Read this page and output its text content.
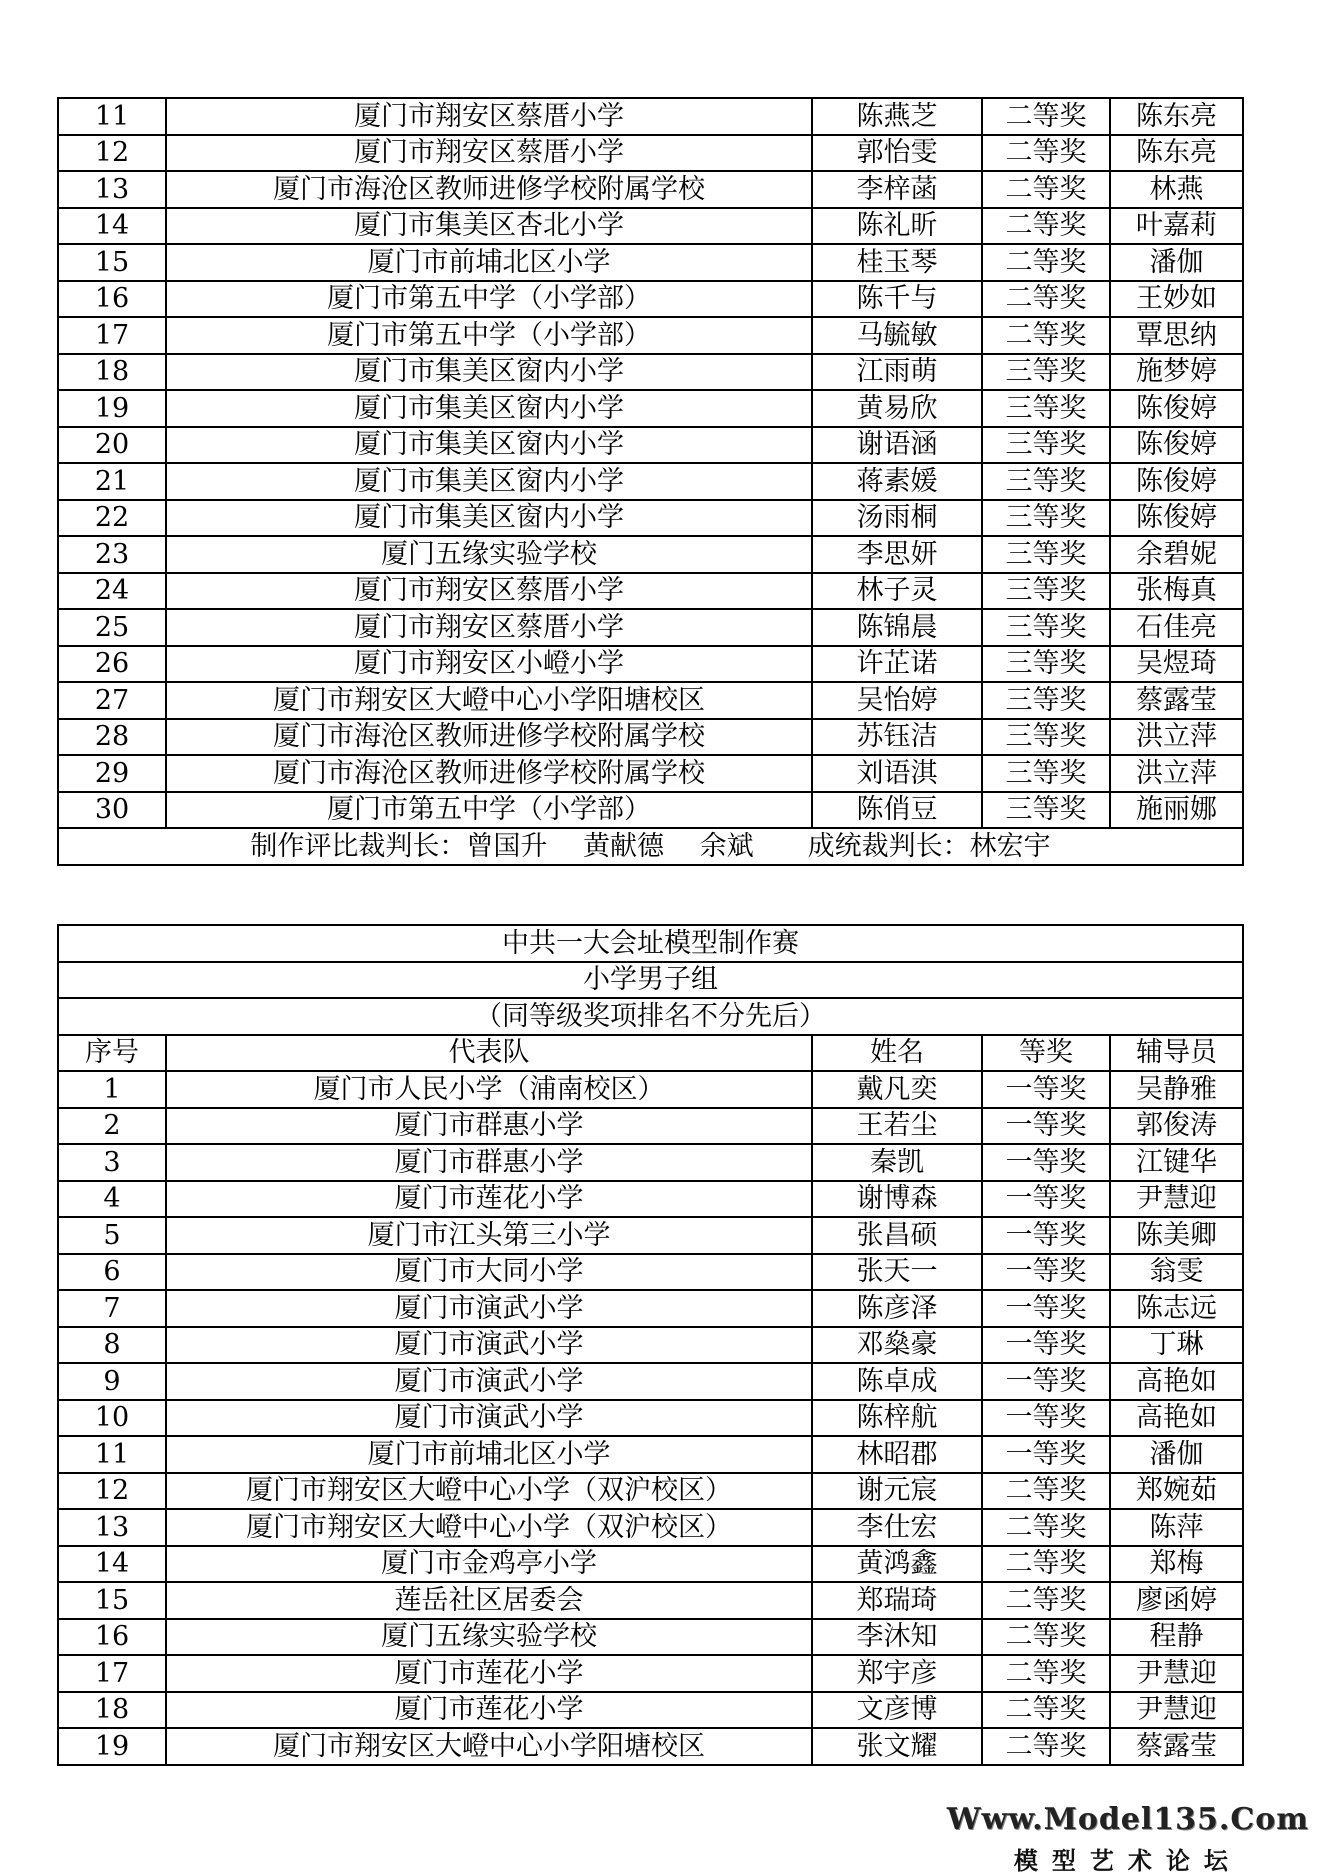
11	厦门市翔安区蔡厝小学	陈燕芝	二等奖	陈东亮
12	厦门市翔安区蔡厝小学	郭怡雯	二等奖	陈东亮
13	厦门市海沧区教师进修学校附属学校	李梓菡	二等奖	林燕
14	厦门市集美区杏北小学	陈礼昕	二等奖	叶嘉莉
15	厦门市前埔北区小学	桂玉琴	二等奖	潘伽
16	厦门市第五中学（小学部）	陈千与	二等奖	王妙如
17	厦门市第五中学（小学部）	马毓敏	二等奖	覃思纳
18	厦门市集美区窗内小学	江雨萌	三等奖	施梦婷
19	厦门市集美区窗内小学	黄易欣	三等奖	陈俊婷
20	厦门市集美区窗内小学	谢语涵	三等奖	陈俊婷
21	厦门市集美区窗内小学	蒋素媛	三等奖	陈俊婷
22	厦门市集美区窗内小学	汤雨桐	三等奖	陈俊婷
23	厦门五缘实验学校	李思妍	三等奖	余碧妮
24	厦门市翔安区蔡厝小学	林子灵	三等奖	张梅真
25	厦门市翔安区蔡厝小学	陈锦晨	三等奖	石佳亮
26	厦门市翔安区小嶝小学	许芷诺	三等奖	吴煜琦
27	厦门市翔安区大嶝中心小学阳塘校区	吴怡婷	三等奖	蔡露莹
28	厦门市海沧区教师进修学校附属学校	苏钰洁	三等奖	洪立萍
29	厦门市海沧区教师进修学校附属学校	刘语淇	三等奖	洪立萍
30	厦门市第五中学（小学部）	陈俏豆	三等奖	施丽娜
制作评比裁判长：曾国升　 黄献德　 余斌　　成统裁判长：林宏宇				
中共一大会址模型制作赛				
小学男子组				
（同等级奖项排名不分先后）				
序号	代表队	姓名	等奖	辅导员
1	厦门市人民小学（浦南校区）	戴凡奕	一等奖	吴静雅
2	厦门市群惠小学	王若尘	一等奖	郭俊涛
3	厦门市群惠小学	秦凯	一等奖	江键华
4	厦门市莲花小学	谢博森	一等奖	尹慧迎
5	厦门市江头第三小学	张昌硕	一等奖	陈美卿
6	厦门市大同小学	张天一	一等奖	翁雯
7	厦门市演武小学	陈彦泽	一等奖	陈志远
8	厦门市演武小学	邓燊豪	一等奖	丁琳
9	厦门市演武小学	陈卓成	一等奖	高艳如
10	厦门市演武小学	陈梓航	一等奖	高艳如
11	厦门市前埔北区小学	林昭郡	一等奖	潘伽
12	厦门市翔安区大嶝中心小学（双沪校区）	谢元宸	二等奖	郑婉茹
13	厦门市翔安区大嶝中心小学（双沪校区）	李仕宏	二等奖	陈萍
14	厦门市金鸡亭小学	黄鸿鑫	二等奖	郑梅
15	莲岳社区居委会	郑瑞琦	二等奖	廖函婷
16	厦门五缘实验学校	李沐知	二等奖	程静
17	厦门市莲花小学	郑宇彦	二等奖	尹慧迎
18	厦门市莲花小学	文彦博	二等奖	尹慧迎
19	厦门市翔安区大嶝中心小学阳塘校区	张文耀	二等奖	蔡露莹
Www.Model135.Com
模型艺术论坛
